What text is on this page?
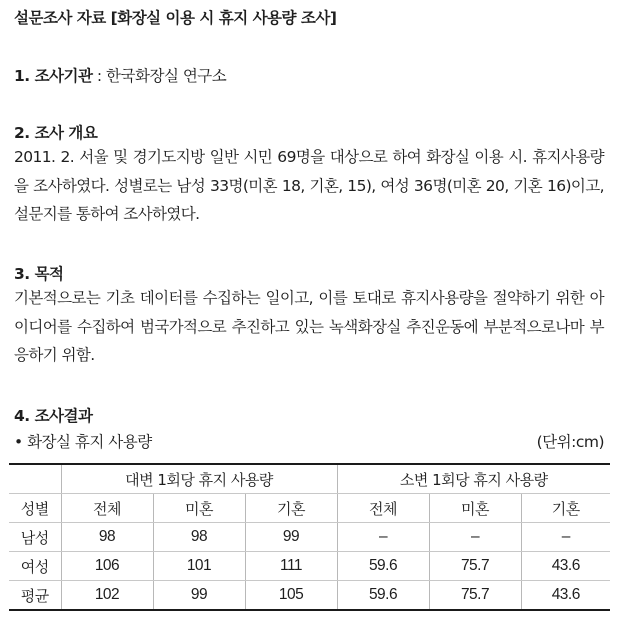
설문조사 자료 [화장실 이용 시 휴지 사용량 조사]
1. 조사기관 : 한국화장실 연구소
2. 조사 개요
2011. 2. 서울 및 경기도지방 일반 시민 69명을 대상으로 하여 화장실 이용 시. 휴지사용량을 조사하였다. 성별로는 남성 33명(미혼 18, 기혼, 15), 여성 36명(미혼 20, 기혼 16)이고, 설문지를 통하여 조사하였다.
3. 목적
기본적으로는 기초 데이터를 수집하는 일이고, 이를 토대로 휴지사용량을 절약하기 위한 아이디어를 수집하여 범국가적으로 추진하고 있는 녹색화장실 추진운동에 부분적으로나마 부응하기 위함.
4. 조사결과
• 화장실 휴지 사용량	(단위:cm)
	대변 1회당 휴지 사용량			소변 1회당 휴지 사용량		
성별	전체	미혼	기혼	전체	미혼	기혼
남성	98	98	99	–	–	–
여성	106	101	111	59.6	75.7	43.6
평균	102	99	105	59.6	75.7	43.6
